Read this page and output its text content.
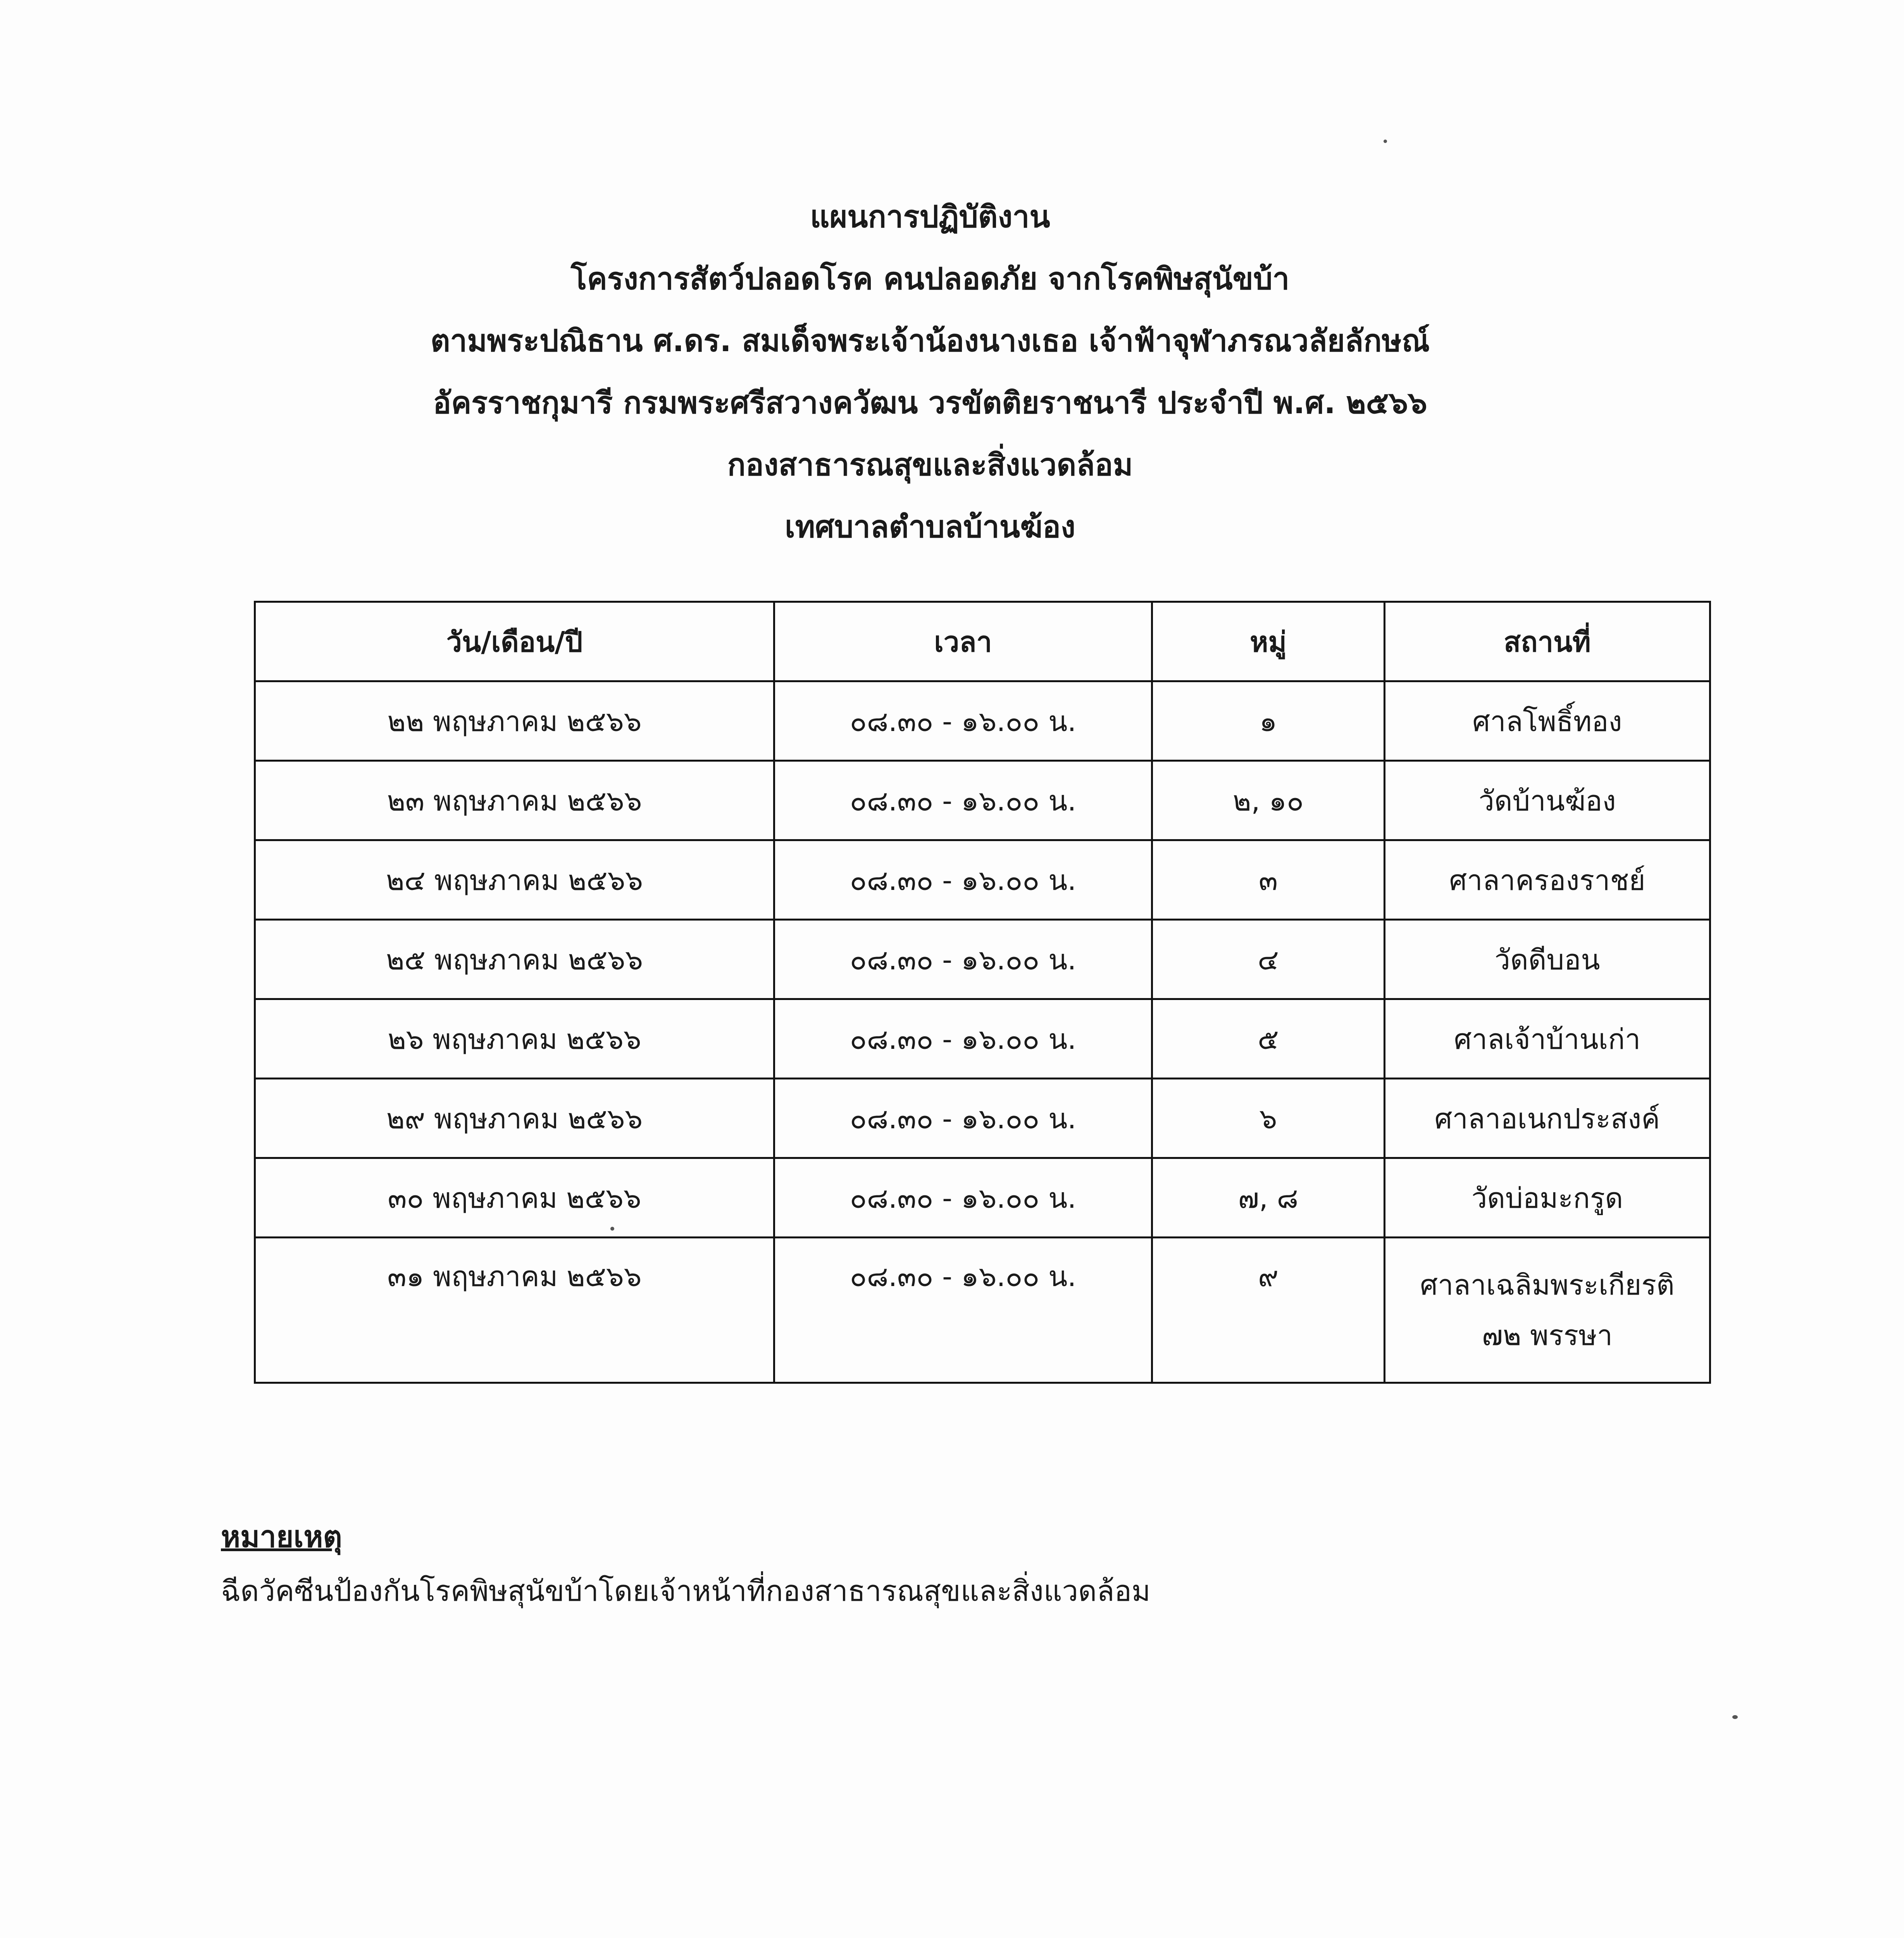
แผนการปฏิบัติงาน
โครงการสัตว์ปลอดโรค คนปลอดภัย จากโรคพิษสุนัขบ้า
ตามพระปณิธาน ศ.ดร. สมเด็จพระเจ้าน้องนางเธอ เจ้าฟ้าจุฬาภรณวลัยลักษณ์
อัครราชกุมารี กรมพระศรีสวางควัฒน วรขัตติยราชนารี ประจำปี พ.ศ. ๒๕๖๖
กองสาธารณสุขและสิ่งแวดล้อม
เทศบาลตำบลบ้านฆ้อง
วัน/เดือน/ปี	เวลา	หมู่	สถานที่
๒๒ พฤษภาคม ๒๕๖๖	๐๘.๓๐ - ๑๖.๐๐ น.	๑	ศาลโพธิ์ทอง
๒๓ พฤษภาคม ๒๕๖๖	๐๘.๓๐ - ๑๖.๐๐ น.	๒, ๑๐	วัดบ้านฆ้อง
๒๔ พฤษภาคม ๒๕๖๖	๐๘.๓๐ - ๑๖.๐๐ น.	๓	ศาลาครองราชย์
๒๕ พฤษภาคม ๒๕๖๖	๐๘.๓๐ - ๑๖.๐๐ น.	๔	วัดดีบอน
๒๖ พฤษภาคม ๒๕๖๖	๐๘.๓๐ - ๑๖.๐๐ น.	๕	ศาลเจ้าบ้านเก่า
๒๙ พฤษภาคม ๒๕๖๖	๐๘.๓๐ - ๑๖.๐๐ น.	๖	ศาลาอเนกประสงค์
๓๐ พฤษภาคม ๒๕๖๖	๐๘.๓๐ - ๑๖.๐๐ น.	๗, ๘	วัดบ่อมะกรูด
๓๑ พฤษภาคม ๒๕๖๖	๐๘.๓๐ - ๑๖.๐๐ น.	๙	ศาลาเฉลิมพระเกียรติ
๗๒ พรรษา
หมายเหตุ
ฉีดวัคซีนป้องกันโรคพิษสุนัขบ้าโดยเจ้าหน้าที่กองสาธารณสุขและสิ่งแวดล้อม
